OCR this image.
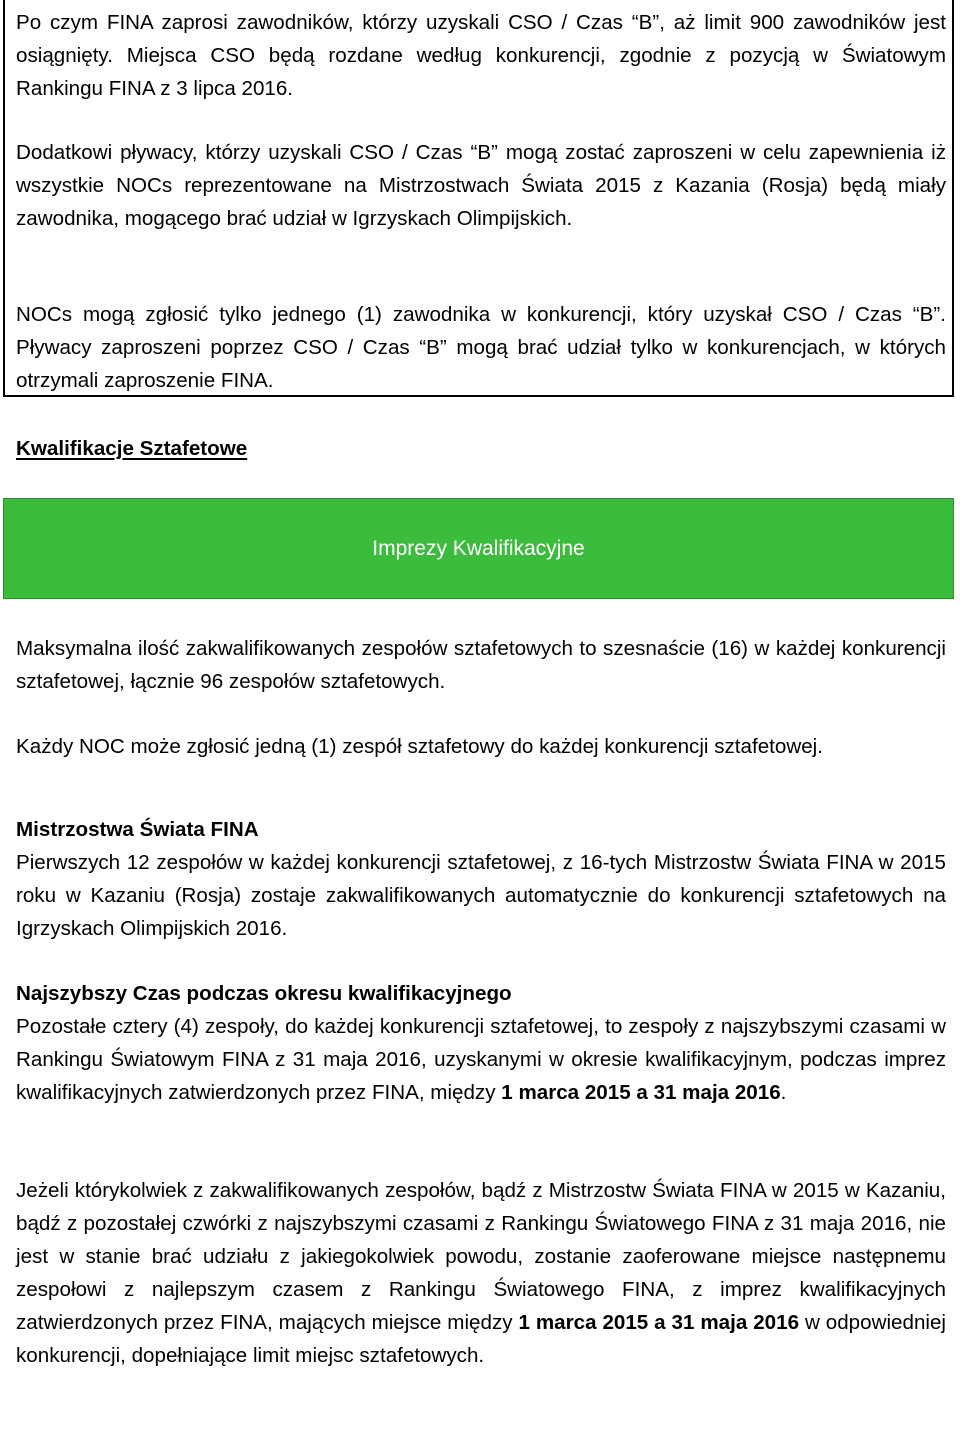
Po czym FINA zaprosi zawodników, którzy uzyskali CSO / Czas “B”, aż limit 900 zawodników jest osiągnięty. Miejsca CSO będą rozdane według konkurencji, zgodnie z pozycją w Światowym Rankingu FINA z 3 lipca 2016.

Dodatkowi pływacy, którzy uzyskali CSO / Czas “B” mogą zostać zaproszeni w celu zapewnienia iż wszystkie NOCs reprezentowane na Mistrzostwach Świata 2015 z Kazania (Rosja) będą miały zawodnika, mogącego brać udział w Igrzyskach Olimpijskich.

NOCs mogą zgłosić tylko jednego (1) zawodnika w konkurencji, który uzyskał CSO / Czas “B”. Pływacy zaproszeni poprzez CSO / Czas “B” mogą brać udział tylko w konkurencjach, w których otrzymali zaproszenie FINA.

Kwalifikacje Sztafetowe

Imprezy Kwalifikacyjne

Maksymalna ilość zakwalifikowanych zespołów sztafetowych to szesnaście (16) w każdej konkurencji sztafetowej, łącznie 96 zespołów sztafetowych.

Każdy NOC może zgłosić jedną (1) zespół sztafetowy do każdej konkurencji sztafetowej.

Mistrzostwa Świata FINA

Pierwszych 12 zespołów w każdej konkurencji sztafetowej, z 16-tych Mistrzostw Świata FINA w 2015 roku w Kazaniu (Rosja) zostaje zakwalifikowanych automatycznie do konkurencji sztafetowych na Igrzyskach Olimpijskich 2016.

Najszybszy Czas podczas okresu kwalifikacyjnego

Pozostałe cztery (4) zespoły, do każdej konkurencji sztafetowej, to zespoły z najszybszymi czasami w Rankingu Światowym FINA z 31 maja 2016, uzyskanymi w okresie kwalifikacyjnym, podczas imprez kwalifikacyjnych zatwierdzonych przez FINA, między 1 marca 2015 a 31 maja 2016.

Jeżeli którykolwiek z zakwalifikowanych zespołów, bądź z Mistrzostw Świata FINA w 2015 w Kazaniu, bądź z pozostałej czwórki z najszybszymi czasami z Rankingu Światowego FINA z 31 maja 2016, nie jest w stanie brać udziału z jakiegokolwiek powodu, zostanie zaoferowane miejsce następnemu zespołowi z najlepszym czasem z Rankingu Światowego FINA, z imprez kwalifikacyjnych zatwierdzonych przez FINA, mających miejsce między 1 marca 2015 a 31 maja 2016 w odpowiedniej konkurencji, dopełniające limit miejsc sztafetowych.
